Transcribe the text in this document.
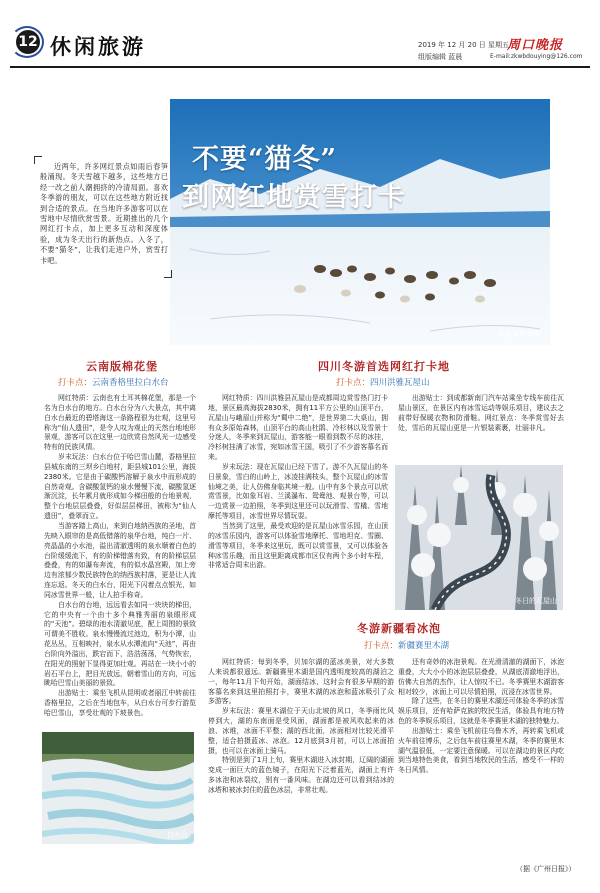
12 休闲旅游	2019 年 12 月 20 日 星期五
组版编辑 蓝晨
周口晚报
E-mail:zkwbdouying@126.com
不要“猫冬”
到网红地赏雪打卡
新疆赛里木湖

近两年，许多网红景点如雨后春笋般涌现。冬天雪越下越多，这些地方已经一改之前人潮拥挤的冷清局面。喜欢冬季游的朋友，可以在这些地方附近找到合适的景点。在当地许多游客可以在雪地中尽情欣赏雪景。近期推出的几个网红打卡点，加上更多互动和深度体验，成为冬天出行的新热点。入冬了，不要“猫冬”，让我们走进户外，赏雪打卡吧。

云南版棉花堡
打卡点：云南香格里拉白水台

网红特质：云南也有土耳其棉花堡，那是一个名为白水台的地方。白水台分为八大景点，其中离白水台最近的碧塔海这一条路程很为壮观，这里号称为“仙人遗田”，是令人叹为观止的天然台地地形景观，游客可以在这里一边欣赏自然风光一边感受特有的民族风情。

岁末玩法：白水台位于哈巴雪山麓，香格里拉县城东南的三坝乡白地村，距县城101公里，海拔2380米。它是由于碳酸钙溶解于泉水中而形成的自然奇观。含碳酸氢钙的泉水慢慢下流，碳酸氢逐渐沉淀，长年累月就形成如今梯田般的台地景观，整个台地层层叠叠，好似层层梯田，被称为“仙人遗田”，叠翠而立。

当游客踏上高山，来到白地纳西族的圣地，首先映入眼帘的是高低错落的泉华台地，纯白一片、亮晶晶的小水池，溢出清澈透明的泉水顺着白色的台阶缓缓流下，有的阶梯错落有致，有的阶梯层层叠叠，有的如瀑布奔流，有的似水晶宫殿，加上旁边有浓郁少数民族特色的纳西族村落，更是让人流连忘返。冬天的白水台，阳光下闪着点点银光，如同冰雪世界一般，让人拍手称奇。

白水台的台地，远远看去如同一块块的梯田，它的中央有一个由十多个典雅秀丽的泉眼形成的“天池”。碧绿的池水清澈见底，配上周围的景致可谓美不胜收。泉水慢慢流过池边，积为小潭，山花丛丛，互相映衬，泉水从水潭流向“天池”，再由台阶向外溢出，跌宕而下，浩浩荡荡，气势恢宏，在阳光的照射下显得更加壮观。再站在一块小小的岩石平台上，把目光放远，朝着雪山的方向，可远眺哈巴雪山美丽的景致。

出游贴士：乘坐飞机从昆明或者丽江中转前往香格里拉，之后在当地包车，从白水台可步行游览哈巴雪山，享受壮观的下坡景色。

白水台
四川冬游首选网红打卡地
打卡点：四川洪雅瓦屋山

网红特质：四川洪雅县瓦屋山是成都周边赏雪热门打卡地，景区最高海拔2830米，拥有11平方公里的山顶平台，瓦屋山与峨眉山并称为“蜀中二绝”，是世界第二大桌山，拥有众多原始森林，山顶平台的高山杜鹃、冷杉林以及雪景十分迷人，冬季来到瓦屋山，游客能一眼看到数不尽的冰挂，冷杉树挂满了冰雪，宛如冰雪王国，吸引了不少游客慕名而来。

岁末玩法：现在瓦屋山已经下雪了。游不久瓦屋山的冬日景象，雪白的山岭上，冰凌挂满枝头，整个瓦屋山的冰雪仙境之美，让人仿佛身临其境一般。山中有多个景点可以欣赏雪景，比如象耳岩、兰溪瀑布、鸳鸯池、观景台等，可以一边赏景一边拍照，冬季到这里还可以玩滑雪、雪橇、雪地摩托等项目，冰雪世界尽情玩耍。

当然到了这里，最受欢迎的是瓦屋山冰雪乐园，在山顶的冰雪乐园内，游客可以体验雪地摩托、雪地坦克、雪圈、滑雪等项目，冬季来这里玩，既可以赏雪景，又可以体验各种冰雪乐趣，而且这里距离成都市区仅有两个多小时车程，非常适合周末出游。

出游贴士：到成都新南门汽车站乘坐专线车前往瓦屋山景区，在景区内有冰雪运动等娱乐项目，建议去之前带好保暖衣物和防滑鞋。网红景点：冬季赏雪好去处，雪后的瓦屋山更是一片银装素裹，壮丽非凡。

冬日的瓦屋山
冬游新疆看冰泡
打卡点：新疆赛里木湖

网红特质：每到冬季，贝加尔湖的蓝冰美景，对大多数人来说都很遥远。新疆赛里木湖是国内透明度较高的湖泊之一，每年11月下旬开始，湖面结冰，这时会有很多早期的游客慕名来到这里拍照打卡，赛里木湖的冰泡和蓝冰吸引了众多游客。

岁末玩法：赛里木湖位于天山北坡的风口，冬季雨比风停到大，湖的东南面是受风面，湖面都是被风吹起来的冰浪、冰堆，冰面不平整；湖的西北面，冰面相对比较光滑平整，适合拍摄蓝冰、冰泡。12月底到3月初，可以上冰面拍摄，也可以在冰面上骑马。

特别是到了1月上旬，赛里木湖进入冰封期，辽阔的湖面变成一面巨大的蓝色镜子，在阳光下泛着蓝光，湖面上有许多冰泡和冰裂纹，别有一番风味。在湖边还可以看到结冰的冰塔和被冰封住的蓝色冰层，非常壮观。

还有奇妙的冰泡景观。在光滑清澈的湖面下，冰泡重叠，大大小小的冰泡层层叠叠，从湖底清澈地浮出，仿佛大自然的杰作，让人惊叹不已。冬季赛里木湖游客相对较少，冰面上可以尽情拍照，沉浸在冰雪世界。

除了这些，在冬日的赛里木湖还可体验冬季的冰雪娱乐项目，还有哈萨克族的牧民生活，体验具有地方特色的冬季娱乐项目，这就是冬季赛里木湖的独特魅力。

出游贴士：乘坐飞机前往乌鲁木齐，再转乘飞机或火车前往博乐，之后包车前往赛里木湖，冬季的赛里木湖气温很低，一定要注意保暖。可以在湖边的景区内吃到当地特色美食，看到当地牧民的生活，感受不一样的冬日风情。

（据《广州日报》）
